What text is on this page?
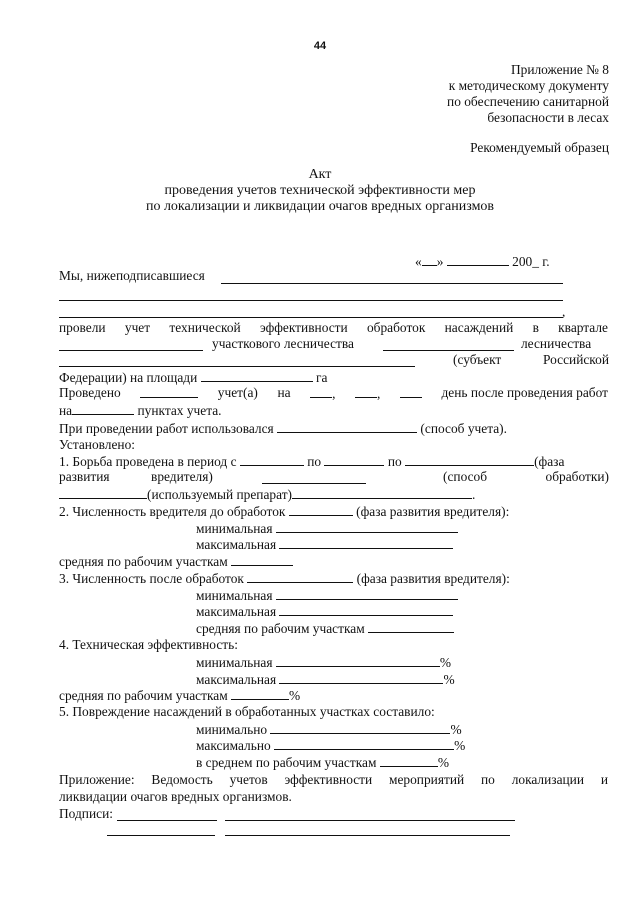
44
Приложение № 8
к методическому документу
по обеспечению санитарной
безопасности в лесах
Рекомендуемый образец
Акт
проведения учетов технической эффективности мер
по локализации и ликвидации очагов вредных организмов
« »	200_ г.
Мы, нижеподписавшиеся
,
провели учет технической эффективности обработок насаждений в квартале
участкового лесничества	лесничества
(субъект	Российской
Федерации) на площади	га
Проведено	учет(а) на	,	,	день после проведения работ
на	пунктах учета.
При проведении работ использовался	(способ учета).
Установлено:
1. Борьба проведена в период с	по	по	(фаза
развития	вредителя)	(способ	обработки)
(используемый препарат)	.
2. Численность вредителя до обработок	(фаза развития вредителя):
минимальная
максимальная
средняя по рабочим участкам
3. Численность после обработок	(фаза развития вредителя):
минимальная
максимальная
средняя по рабочим участкам
4. Техническая эффективность:
минимальная	%
максимальная	%
средняя по рабочим участкам	%
5. Повреждение насаждений в обработанных участках составило:
минимально	%
максимально	%
в среднем по рабочим участкам	%
Приложение: Ведомость учетов эффективности мероприятий по локализации и
ликвидации очагов вредных организмов.
Подписи:
